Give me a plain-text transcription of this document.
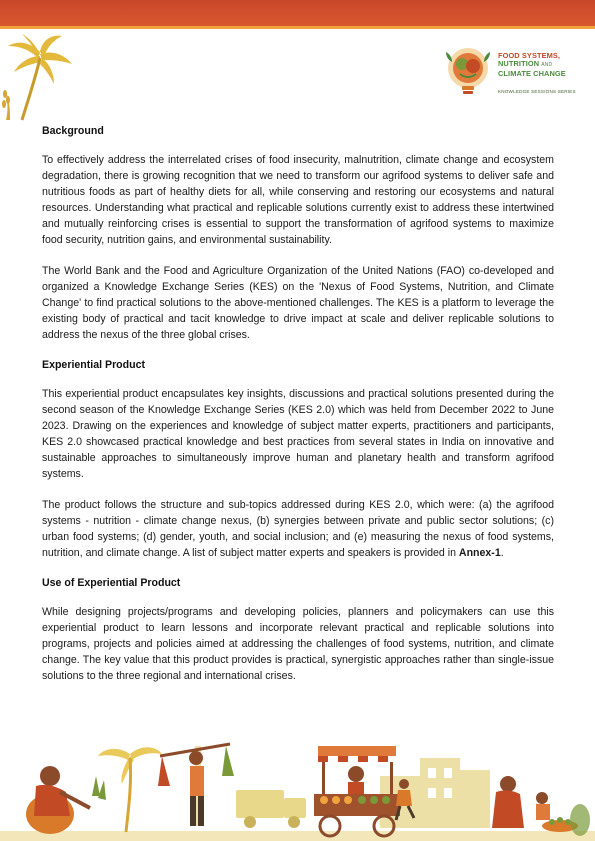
FOOD SYSTEMS,
NUTRITION AND
CLIMATE CHANGE
KNOWLEDGE SESSIONS SERIES
Background

To effectively address the interrelated crises of food insecurity, malnutrition, climate change and ecosystem degradation, there is growing recognition that we need to transform our agrifood systems to deliver safe and nutritious foods as part of healthy diets for all, while conserving and restoring our ecosystems and natural resources. Understanding what practical and replicable solutions currently exist to address these intertwined and mutually reinforcing crises is essential to support the transformation of agrifood systems to maximize food security, nutrition gains, and environmental sustainability.

The World Bank and the Food and Agriculture Organization of the United Nations (FAO) co-developed and organized a Knowledge Exchange Series (KES) on the 'Nexus of Food Systems, Nutrition, and Climate Change' to find practical solutions to the above-mentioned challenges. The KES is a platform to leverage the existing body of practical and tacit knowledge to drive impact at scale and deliver replicable solutions to address the nexus of the three global crises.

Experiential Product

This experiential product encapsulates key insights, discussions and practical solutions presented during the second season of the Knowledge Exchange Series (KES 2.0) which was held from December 2022 to June 2023. Drawing on the experiences and knowledge of subject matter experts, practitioners and participants, KES 2.0 showcased practical knowledge and best practices from several states in India on innovative and sustainable approaches to simultaneously improve human and planetary health and transform agrifood systems.

The product follows the structure and sub-topics addressed during KES 2.0, which were: (a) the agrifood systems - nutrition - climate change nexus, (b) synergies between private and public sector solutions; (c) urban food systems; (d) gender, youth, and social inclusion; and (e) measuring the nexus of food systems, nutrition, and climate change. A list of subject matter experts and speakers is provided in Annex-1.

Use of Experiential Product

While designing projects/programs and developing policies, planners and policymakers can use this experiential product to learn lessons and incorporate relevant practical and replicable solutions into programs, projects and policies aimed at addressing the challenges of food systems, nutrition, and climate change. The key value that this product provides is practical, synergistic approaches rather than single-issue solutions to the three regional and international crises.
